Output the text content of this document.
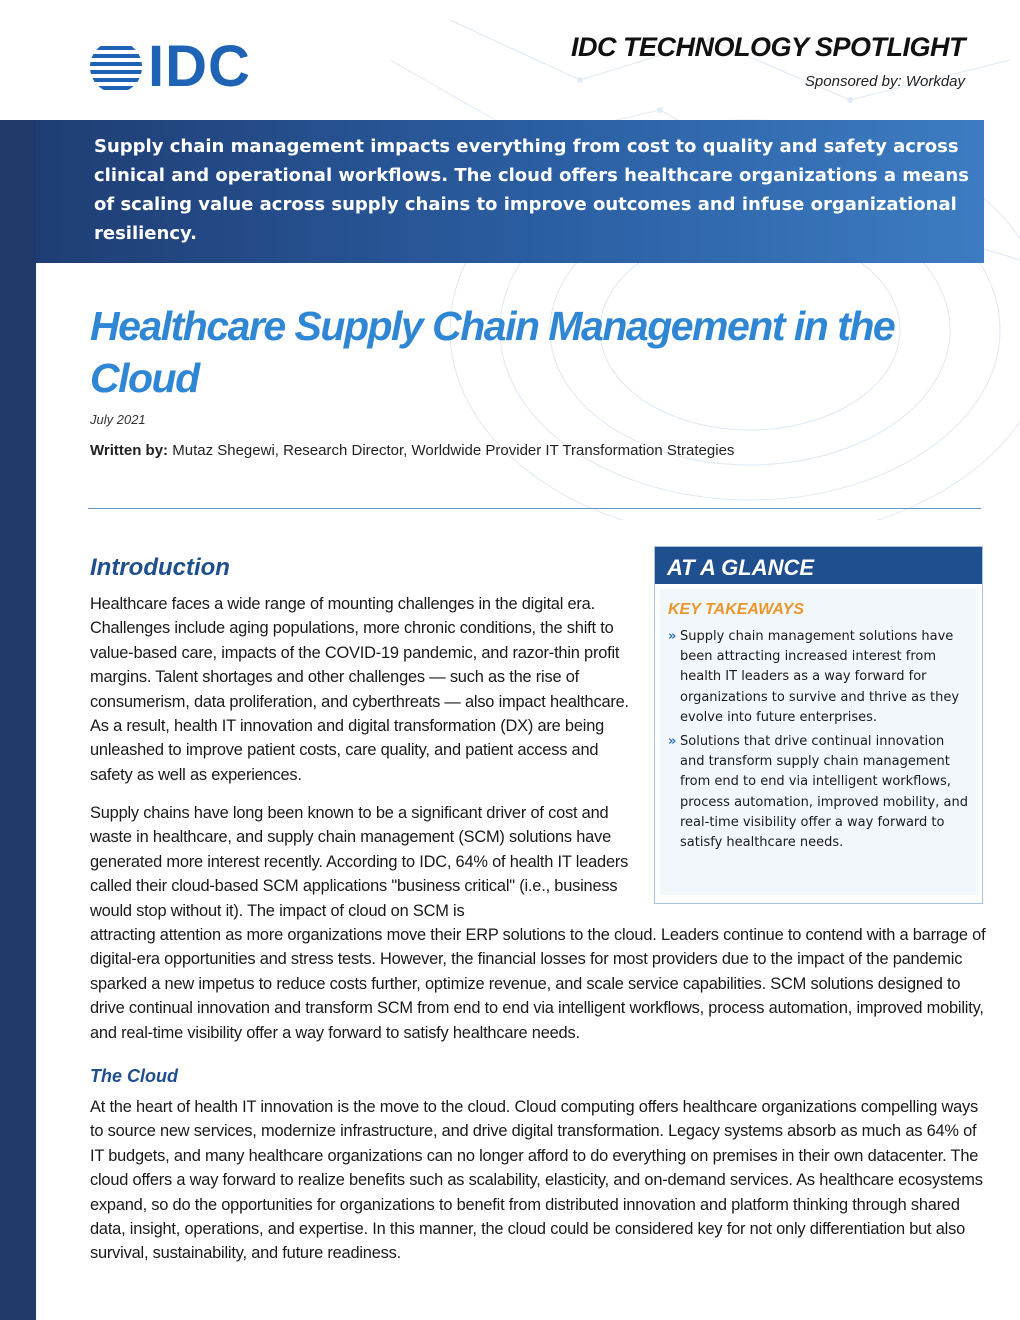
IDC	IDC TECHNOLOGY SPOTLIGHT
Sponsored by: Workday

Supply chain management impacts everything from cost to quality and safety across clinical and operational workflows. The cloud offers healthcare organizations a means of scaling value across supply chains to improve outcomes and infuse organizational resiliency.

Healthcare Supply Chain Management in the Cloud
July 2021
Written by: Mutaz Shegewi, Research Director, Worldwide Provider IT Transformation Strategies
Introduction

Healthcare faces a wide range of mounting challenges in the digital era. Challenges include aging populations, more chronic conditions, the shift to value-based care, impacts of the COVID-19 pandemic, and razor-thin profit margins. Talent shortages and other challenges — such as the rise of consumerism, data proliferation, and cyberthreats — also impact healthcare. As a result, health IT innovation and digital transformation (DX) are being unleashed to improve patient costs, care quality, and patient access and safety as well as experiences.

Supply chains have long been known to be a significant driver of cost and waste in healthcare, and supply chain management (SCM) solutions have generated more interest recently. According to IDC, 64% of health IT leaders called their cloud-based SCM applications "business critical" (i.e., business would stop without it). The impact of cloud on SCM is

attracting attention as more organizations move their ERP solutions to the cloud. Leaders continue to contend with a barrage of digital-era opportunities and stress tests. However, the financial losses for most providers due to the impact of the pandemic sparked a new impetus to reduce costs further, optimize revenue, and scale service capabilities. SCM solutions designed to drive continual innovation and transform SCM from end to end via intelligent workflows, process automation, improved mobility, and real-time visibility offer a way forward to satisfy healthcare needs.

The Cloud

At the heart of health IT innovation is the move to the cloud. Cloud computing offers healthcare organizations compelling ways to source new services, modernize infrastructure, and drive digital transformation. Legacy systems absorb as much as 64% of IT budgets, and many healthcare organizations can no longer afford to do everything on premises in their own datacenter. The cloud offers a way forward to realize benefits such as scalability, elasticity, and on-demand services. As healthcare ecosystems expand, so do the opportunities for organizations to benefit from distributed innovation and platform thinking through shared data, insight, operations, and expertise. In this manner, the cloud could be considered key for not only differentiation but also survival, sustainability, and future readiness.

AT A GLANCE
KEY TAKEAWAYS
» Supply chain management solutions have been attracting increased interest from health IT leaders as a way forward for organizations to survive and thrive as they evolve into future enterprises.
» Solutions that drive continual innovation and transform supply chain management from end to end via intelligent workflows, process automation, improved mobility, and real-time visibility offer a way forward to satisfy healthcare needs.
